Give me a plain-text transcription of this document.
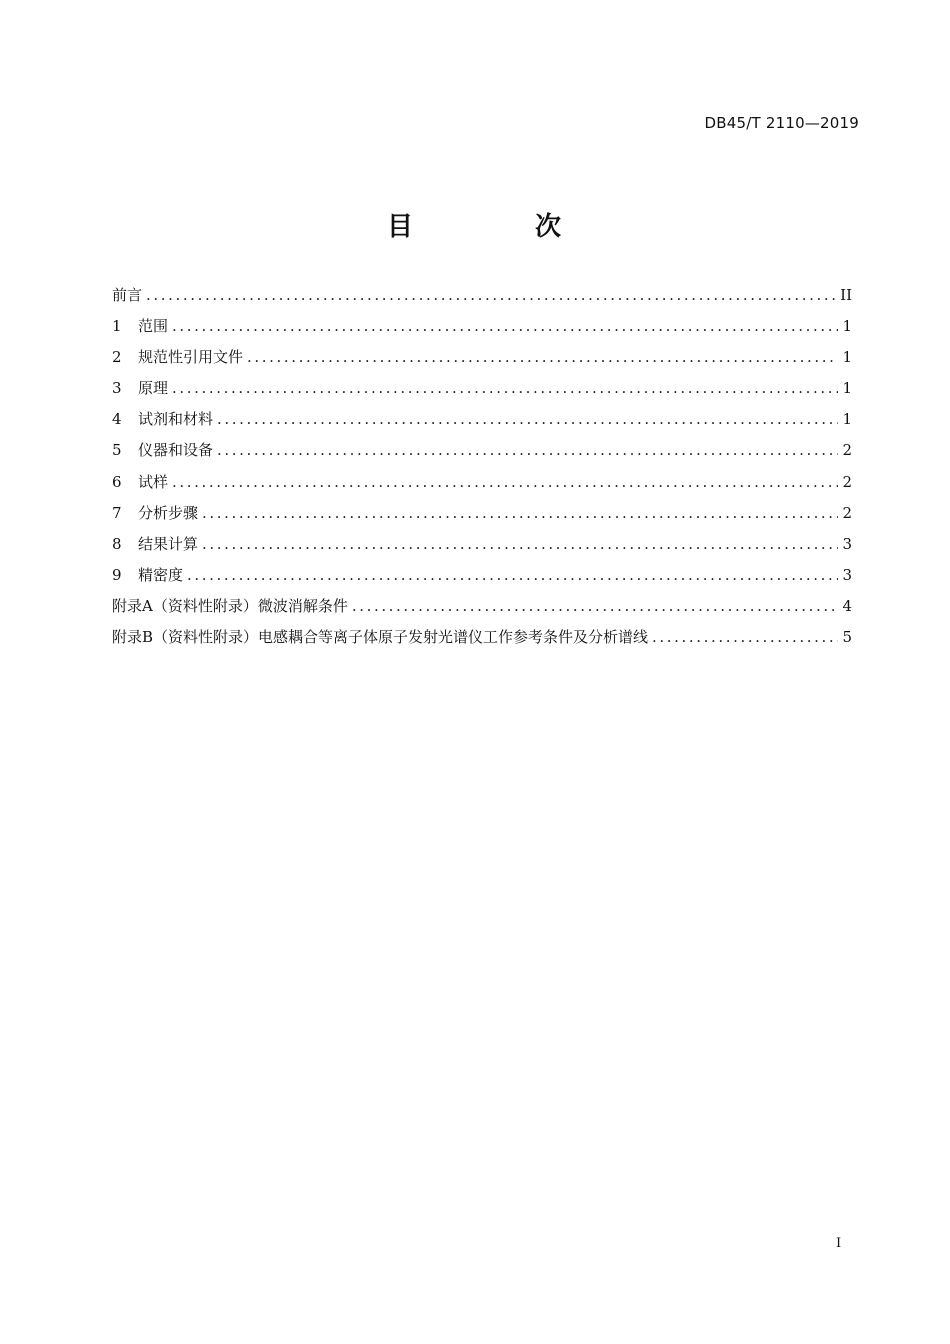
DB45/T 2110—2019
目　次
前言 .....	II
1	范围 .....	1
2	规范性引用文件 .....	1
3	原理 .....	1
4	试剂和材料 .....	1
5	仪器和设备 .....	2
6	试样 .....	2
7	分析步骤 .....	2
8	结果计算 .....	3
9	精密度 .....	3
附录A（资料性附录）微波消解条件 .....	4
附录B（资料性附录）电感耦合等离子体原子发射光谱仪工作参考条件及分析谱线 .....	5
I
